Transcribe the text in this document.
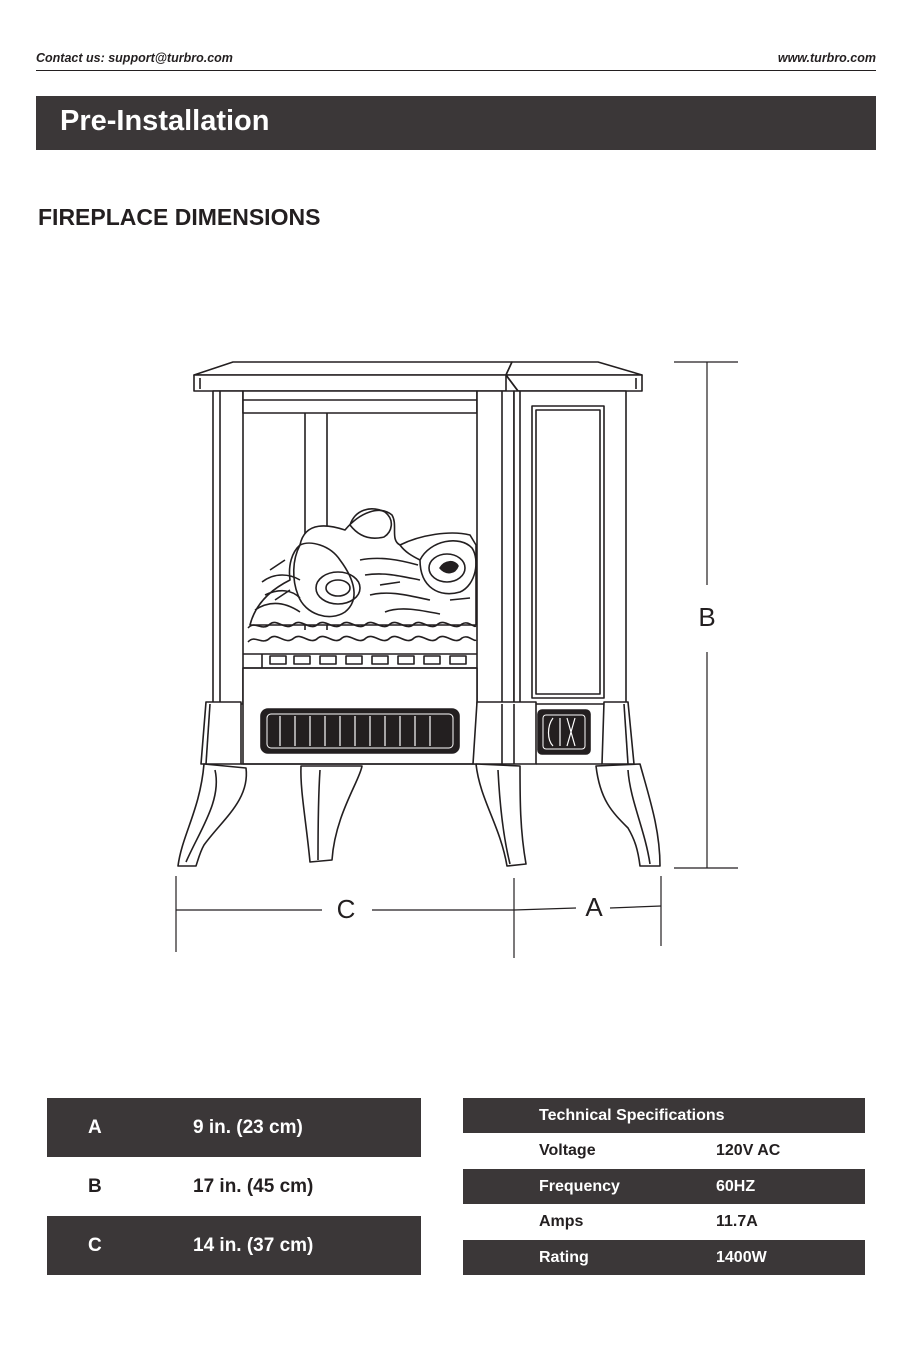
Contact us: support@turbro.com	www.turbro.com
Pre-Installation
FIREPLACE DIMENSIONS
B
C	A
A	9 in. (23 cm)
B	17 in. (45 cm)
C	14 in. (37 cm)
Technical Specifications
Voltage	120V AC
Frequency	60HZ
Amps	11.7A
Rating	1400W
